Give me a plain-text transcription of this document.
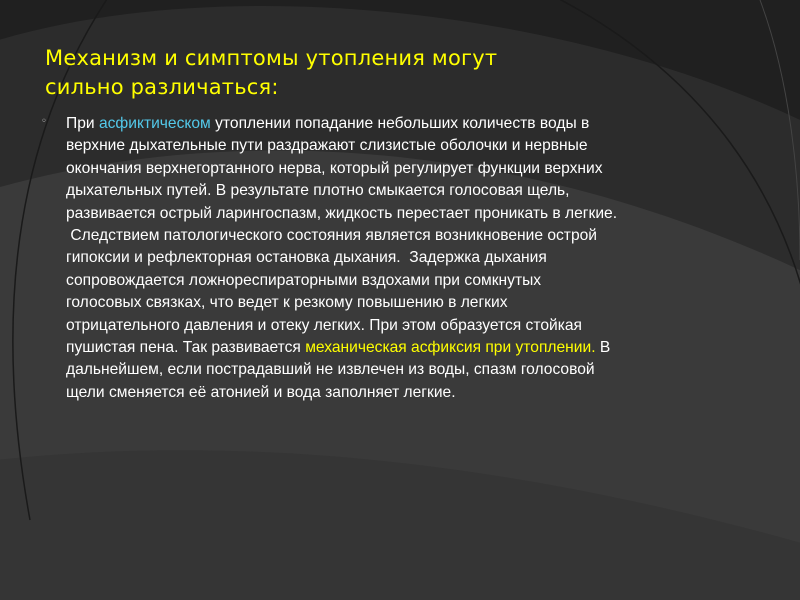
Механизм и симптомы утопления могут
сильно различаться:
◦ При асфиктическом утоплении попадание небольших количеств воды в
верхние дыхательные пути раздражают слизистые оболочки и нервные
окончания верхнегортанного нерва, который регулирует функции верхних
дыхательных путей. В результате плотно смыкается голосовая щель,
развивается острый ларингоспазм, жидкость перестает проникать в легкие.
Следствием патологического состояния является возникновение острой
гипоксии и рефлекторная остановка дыхания.  Задержка дыхания
сопровождается ложнореспираторными вздохами при сомкнутых
голосовых связках, что ведет к резкому повышению в легких
отрицательного давления и отеку легких. При этом образуется стойкая
пушистая пена. Так развивается механическая асфиксия при утоплении. В
дальнейшем, если пострадавший не извлечен из воды, спазм голосовой
щели сменяется её атонией и вода заполняет легкие.
